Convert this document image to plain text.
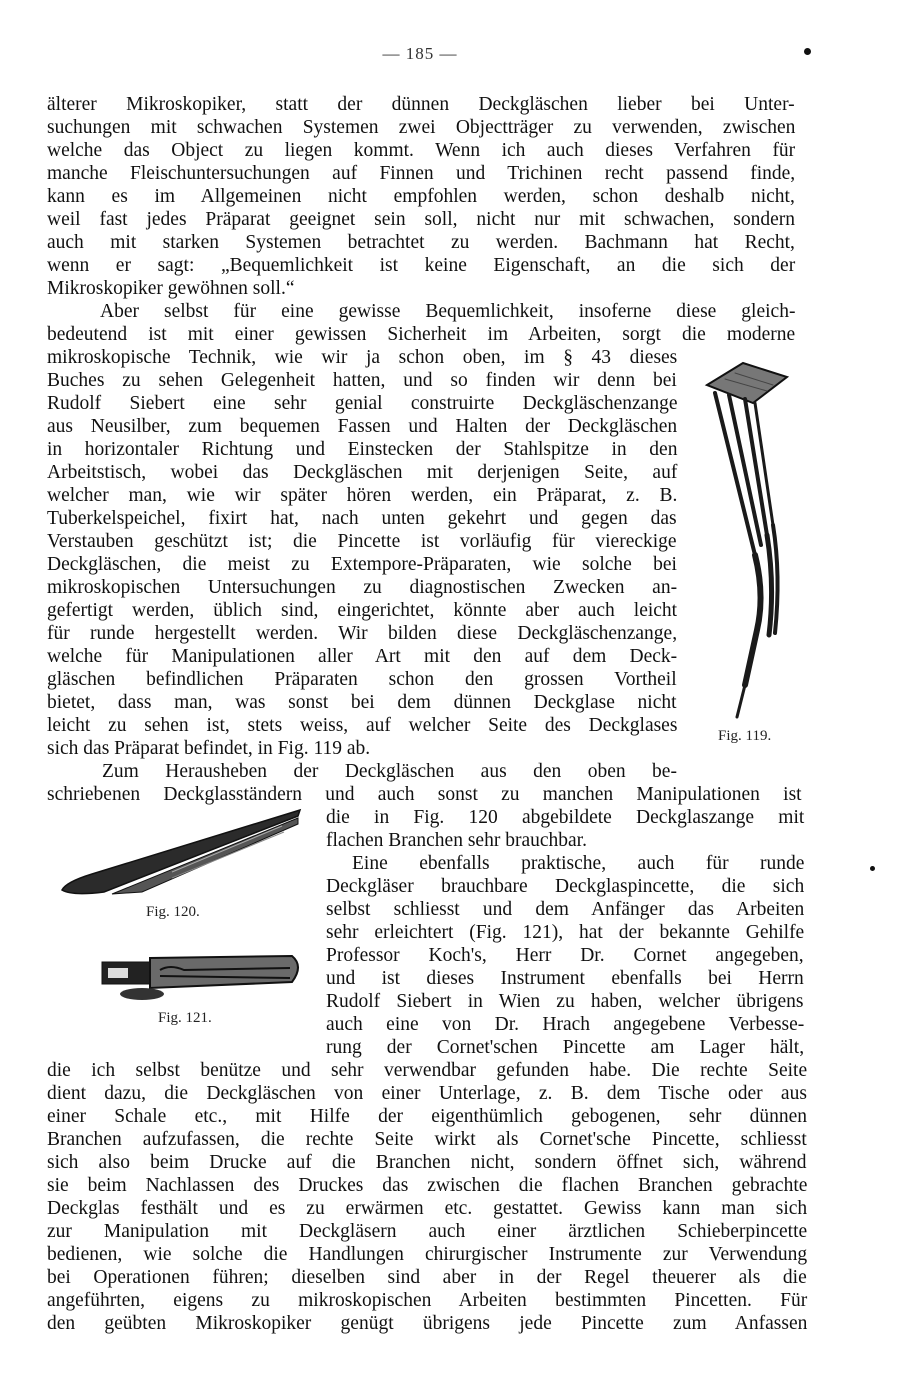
— 185 —
älterer Mikroskopiker, statt der dünnen Deckgläschen lieber bei Unter-
suchungen mit schwachen Systemen zwei Objectträger zu verwenden, zwischen
welche das Object zu liegen kommt. Wenn ich auch dieses Verfahren für
manche Fleischuntersuchungen auf Finnen und Trichinen recht passend finde,
kann es im Allgemeinen nicht empfohlen werden, schon deshalb nicht,
weil fast jedes Präparat geeignet sein soll, nicht nur mit schwachen, sondern
auch mit starken Systemen betrachtet zu werden. Bachmann hat Recht,
wenn er sagt: „Bequemlichkeit ist keine Eigenschaft, an die sich der
Mikroskopiker gewöhnen soll.“
Aber selbst für eine gewisse Bequemlichkeit, insoferne diese gleich-
bedeutend ist mit einer gewissen Sicherheit im Arbeiten, sorgt die moderne
mikroskopische Technik, wie wir ja schon oben, im § 43 dieses
Buches zu sehen Gelegenheit hatten, und so finden wir denn bei
Rudolf Siebert eine sehr genial construirte Deckgläschenzange
aus Neusilber, zum bequemen Fassen und Halten der Deckgläschen
in horizontaler Richtung und Einstecken der Stahlspitze in den
Arbeitstisch, wobei das Deckgläschen mit derjenigen Seite, auf
welcher man, wie wir später hören werden, ein Präparat, z. B.
Tuberkelspeichel, fixirt hat, nach unten gekehrt und gegen das
Verstauben geschützt ist; die Pincette ist vorläufig für viereckige
Deckgläschen, die meist zu Extempore-Präparaten, wie solche bei
mikroskopischen Untersuchungen zu diagnostischen Zwecken an-
gefertigt werden, üblich sind, eingerichtet, könnte aber auch leicht
für runde hergestellt werden. Wir bilden diese Deckgläschenzange,
welche für Manipulationen aller Art mit den auf dem Deck-
gläschen befindlichen Präparaten schon den grossen Vortheil
bietet, dass man, was sonst bei dem dünnen Deckglase nicht
leicht zu sehen ist, stets weiss, auf welcher Seite des Deckglases
sich das Präparat befindet, in Fig. 119 ab.
Zum Herausheben der Deckgläschen aus den oben be-
schriebenen Deckglasständern und auch sonst zu manchen Manipulationen ist
die in Fig. 120 abgebildete Deckglaszange mit
flachen Branchen sehr brauchbar.
Eine ebenfalls praktische, auch für runde
Deckgläser brauchbare Deckglaspincette, die sich
selbst schliesst und dem Anfänger das Arbeiten
sehr erleichtert (Fig. 121), hat der bekannte Gehilfe
Professor Koch's, Herr Dr. Cornet angegeben,
und ist dieses Instrument ebenfalls bei Herrn
Rudolf Siebert in Wien zu haben, welcher übrigens
auch eine von Dr. Hrach angegebene Verbesse-
rung der Cornet'schen Pincette am Lager hält,
die ich selbst benütze und sehr verwendbar gefunden habe. Die rechte Seite
dient dazu, die Deckgläschen von einer Unterlage, z. B. dem Tische oder aus
einer Schale etc., mit Hilfe der eigenthümlich gebogenen, sehr dünnen
Branchen aufzufassen, die rechte Seite wirkt als Cornet'sche Pincette, schliesst
sich also beim Drucke auf die Branchen nicht, sondern öffnet sich, während
sie beim Nachlassen des Druckes das zwischen die flachen Branchen gebrachte
Deckglas festhält und es zu erwärmen etc. gestattet. Gewiss kann man sich
zur Manipulation mit Deckgläsern auch einer ärztlichen Schieberpincette
bedienen, wie solche die Handlungen chirurgischer Instrumente zur Verwendung
bei Operationen führen; dieselben sind aber in der Regel theuerer als die
angeführten, eigens zu mikroskopischen Arbeiten bestimmten Pincetten. Für
den geübten Mikroskopiker genügt übrigens jede Pincette zum Anfassen
Fig. 119.
Fig. 120.
Fig. 121.
